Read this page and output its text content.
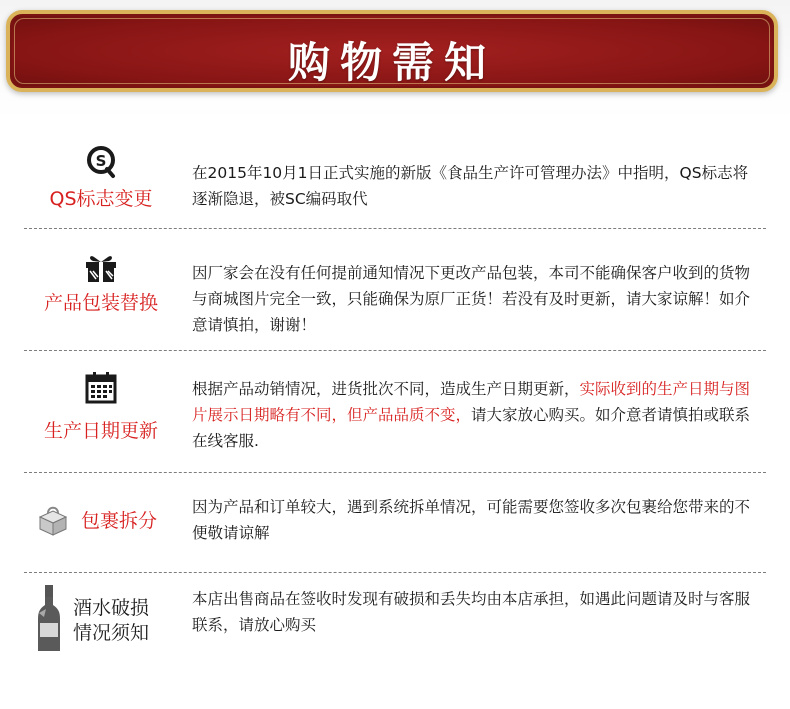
购物需知
S
QS标志变更
在2015年10月1日正式实施的新版《食品生产许可管理办法》中指明，QS标志将逐渐隐退，被SC编码取代
产品包装替换
因厂家会在没有任何提前通知情况下更改产品包装，本司不能确保客户收到的货物与商城图片完全一致，只能确保为原厂正货！若没有及时更新，请大家谅解！如介意请慎拍，谢谢！
生产日期更新
根据产品动销情况，进货批次不同，造成生产日期更新，实际收到的生产日期与图片展示日期略有不同，但产品品质不变，请大家放心购买。如介意者请慎拍或联系在线客服.
包裹拆分
因为产品和订单较大，遇到系统拆单情况，可能需要您签收多次包裹给您带来的不便敬请谅解
酒水破损
情况须知
本店出售商品在签收时发现有破损和丢失均由本店承担，如遇此问题请及时与客服联系，请放心购买
